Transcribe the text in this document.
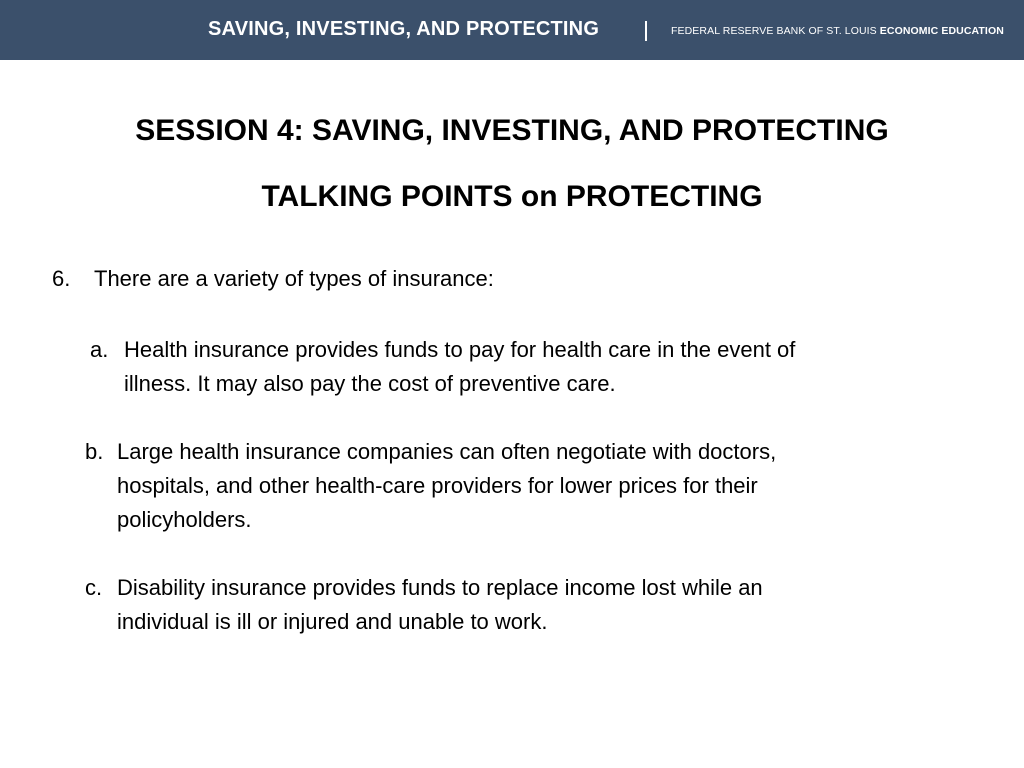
SAVING, INVESTING, AND PROTECTING	FEDERAL RESERVE BANK OF ST. LOUIS ECONOMIC EDUCATION
SESSION 4: SAVING, INVESTING, AND PROTECTING
TALKING POINTS on PROTECTING
6. There are a variety of types of insurance:
a. Health insurance provides funds to pay for health care in the event of
illness. It may also pay the cost of preventive care.
b. Large health insurance companies can often negotiate with doctors,
hospitals, and other health-care providers for lower prices for their
policyholders.
c. Disability insurance provides funds to replace income lost while an
individual is ill or injured and unable to work.
